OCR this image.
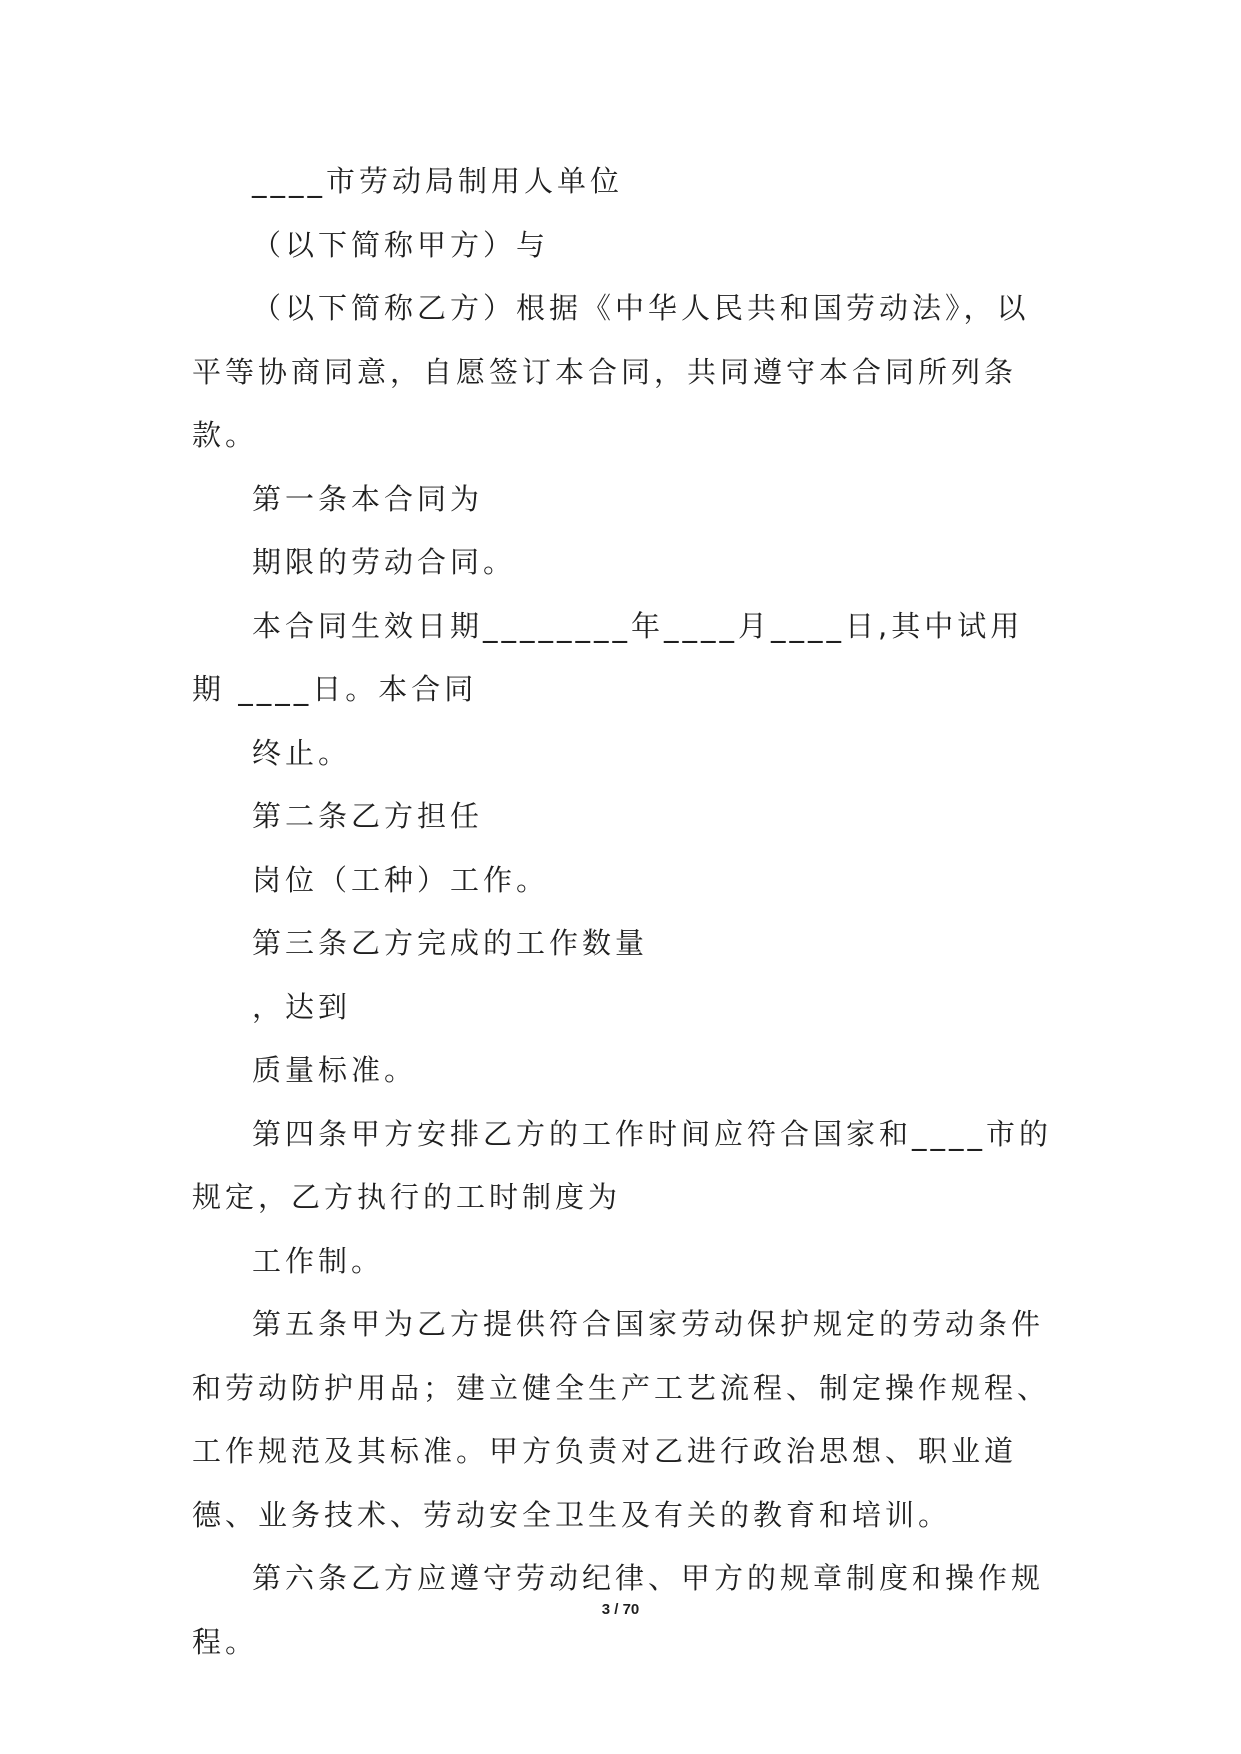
____市劳动局制用人单位

（以下简称甲方）与

（以下简称乙方）根据《中华人民共和国劳动法》，以平等协商同意，自愿签订本合同，共同遵守本合同所列条款。

第一条本合同为

期限的劳动合同。

本合同生效日期________年____月____日,其中试用期 ____日。本合同

终止。

第二条乙方担任

岗位（工种）工作。

第三条乙方完成的工作数量

，达到

质量标准。

第四条甲方安排乙方的工作时间应符合国家和____市的规定，乙方执行的工时制度为

工作制。

第五条甲为乙方提供符合国家劳动保护规定的劳动条件和劳动防护用品；建立健全生产工艺流程、制定操作规程、工作规范及其标准。甲方负责对乙进行政治思想、职业道德、业务技术、劳动安全卫生及有关的教育和培训。

第六条乙方应遵守劳动纪律、甲方的规章制度和操作规程。

3 / 70
